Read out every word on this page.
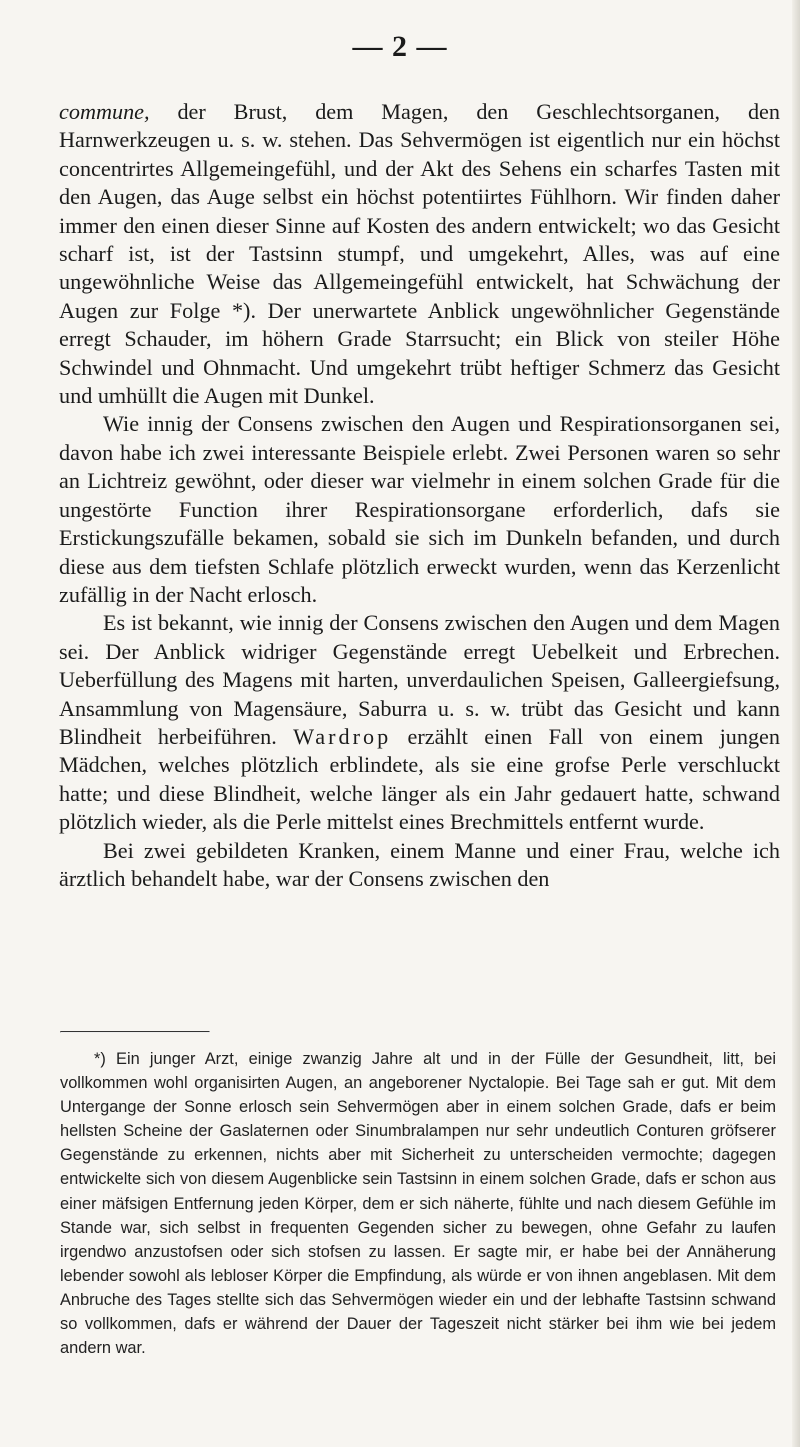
— 2 —

commune, der Brust, dem Magen, den Geschlechtsorganen, den Harnwerkzeugen u. s. w. stehen. Das Sehvermögen ist eigentlich nur ein höchst concentrirtes Allgemeingefühl, und der Akt des Sehens ein scharfes Tasten mit den Augen, das Auge selbst ein höchst potentiirtes Fühlhorn. Wir finden daher immer den einen dieser Sinne auf Kosten des andern entwickelt; wo das Gesicht scharf ist, ist der Tastsinn stumpf, und umgekehrt, Alles, was auf eine ungewöhnliche Weise das Allgemeingefühl entwickelt, hat Schwächung der Augen zur Folge *). Der unerwartete Anblick ungewöhnlicher Gegenstände erregt Schauder, im höhern Grade Starrsucht; ein Blick von steiler Höhe Schwindel und Ohnmacht. Und umgekehrt trübt heftiger Schmerz das Gesicht und umhüllt die Augen mit Dunkel.

Wie innig der Consens zwischen den Augen und Respirationsorganen sei, davon habe ich zwei interessante Beispiele erlebt. Zwei Personen waren so sehr an Lichtreiz gewöhnt, oder dieser war vielmehr in einem solchen Grade für die ungestörte Function ihrer Respirationsorgane erforderlich, dafs sie Erstickungszufälle bekamen, sobald sie sich im Dunkeln befanden, und durch diese aus dem tiefsten Schlafe plötzlich erweckt wurden, wenn das Kerzenlicht zufällig in der Nacht erlosch.

Es ist bekannt, wie innig der Consens zwischen den Augen und dem Magen sei. Der Anblick widriger Gegenstände erregt Uebelkeit und Erbrechen. Ueberfüllung des Magens mit harten, unverdaulichen Speisen, Galleergiefsung, Ansammlung von Magensäure, Saburra u. s. w. trübt das Gesicht und kann Blindheit herbeiführen. Wardrop erzählt einen Fall von einem jungen Mädchen, welches plötzlich erblindete, als sie eine grofse Perle verschluckt hatte; und diese Blindheit, welche länger als ein Jahr gedauert hatte, schwand plötzlich wieder, als die Perle mittelst eines Brechmittels entfernt wurde.

Bei zwei gebildeten Kranken, einem Manne und einer Frau, welche ich ärztlich behandelt habe, war der Consens zwischen den

*) Ein junger Arzt, einige zwanzig Jahre alt und in der Fülle der Gesundheit, litt, bei vollkommen wohl organisirten Augen, an angeborener Nyctalopie. Bei Tage sah er gut. Mit dem Untergange der Sonne erlosch sein Sehvermögen aber in einem solchen Grade, dafs er beim hellsten Scheine der Gaslaternen oder Sinumbralampen nur sehr undeutlich Conturen gröfserer Gegenstände zu erkennen, nichts aber mit Sicherheit zu unterscheiden vermochte; dagegen entwickelte sich von diesem Augenblicke sein Tastsinn in einem solchen Grade, dafs er schon aus einer mäfsigen Entfernung jeden Körper, dem er sich näherte, fühlte und nach diesem Gefühle im Stande war, sich selbst in frequenten Gegenden sicher zu bewegen, ohne Gefahr zu laufen irgendwo anzustofsen oder sich stofsen zu lassen. Er sagte mir, er habe bei der Annäherung lebender sowohl als lebloser Körper die Empfindung, als würde er von ihnen angeblasen. Mit dem Anbruche des Tages stellte sich das Sehvermögen wieder ein und der lebhafte Tastsinn schwand so vollkommen, dafs er während der Dauer der Tageszeit nicht stärker bei ihm wie bei jedem andern war.
